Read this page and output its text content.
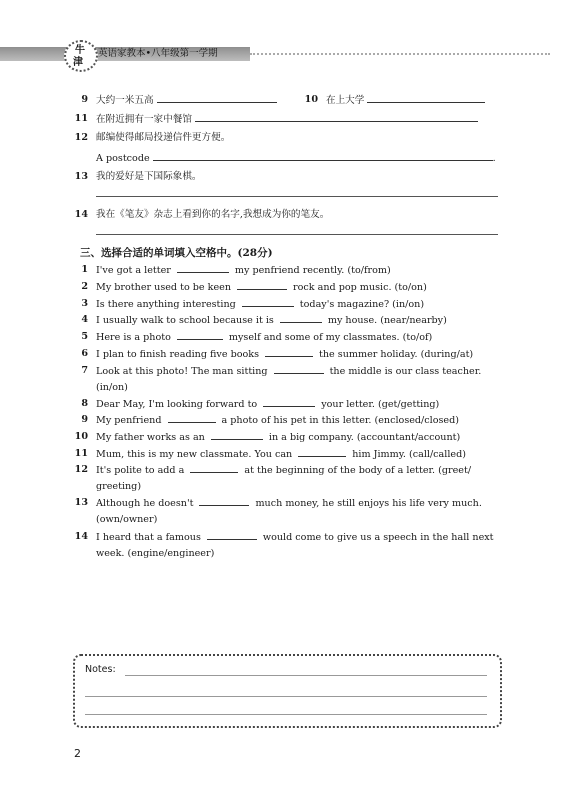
牛
津
英语家教本•八年级第一学期
9 大约一米五高	10 在上大学
11 在附近拥有一家中餐馆
12 邮编使得邮局投递信件更方便。
A postcode	.
13 我的爱好是下国际象棋。
14 我在《笔友》杂志上看到你的名字,我想成为你的笔友。
三、选择合适的单词填入空格中。(28分)
1 I've got a letter	my penfriend recently. (to/from)
2 My brother used to be keen	rock and pop music. (to/on)
3 Is there anything interesting	today's magazine? (in/on)
4 I usually walk to school because it is	my house. (near/nearby)
5 Here is a photo	myself and some of my classmates. (to/of)
6 I plan to finish reading five books	the summer holiday. (during/at)
7 Look at this photo! The man sitting	the middle is our class teacher.
(in/on)
8 Dear May, I'm looking forward to	your letter. (get/getting)
9 My penfriend	a photo of his pet in this letter. (enclosed/closed)
10 My father works as an	in a big company. (accountant/account)
11 Mum, this is my new classmate. You can	him Jimmy. (call/called)
12 It's polite to add a	at the beginning of the body of a letter. (greet/
greeting)
13 Although he doesn't	much money, he still enjoys his life very much.
(own/owner)
14 I heard that a famous	would come to give us a speech in the hall next
week. (engine/engineer)
Notes:
2
